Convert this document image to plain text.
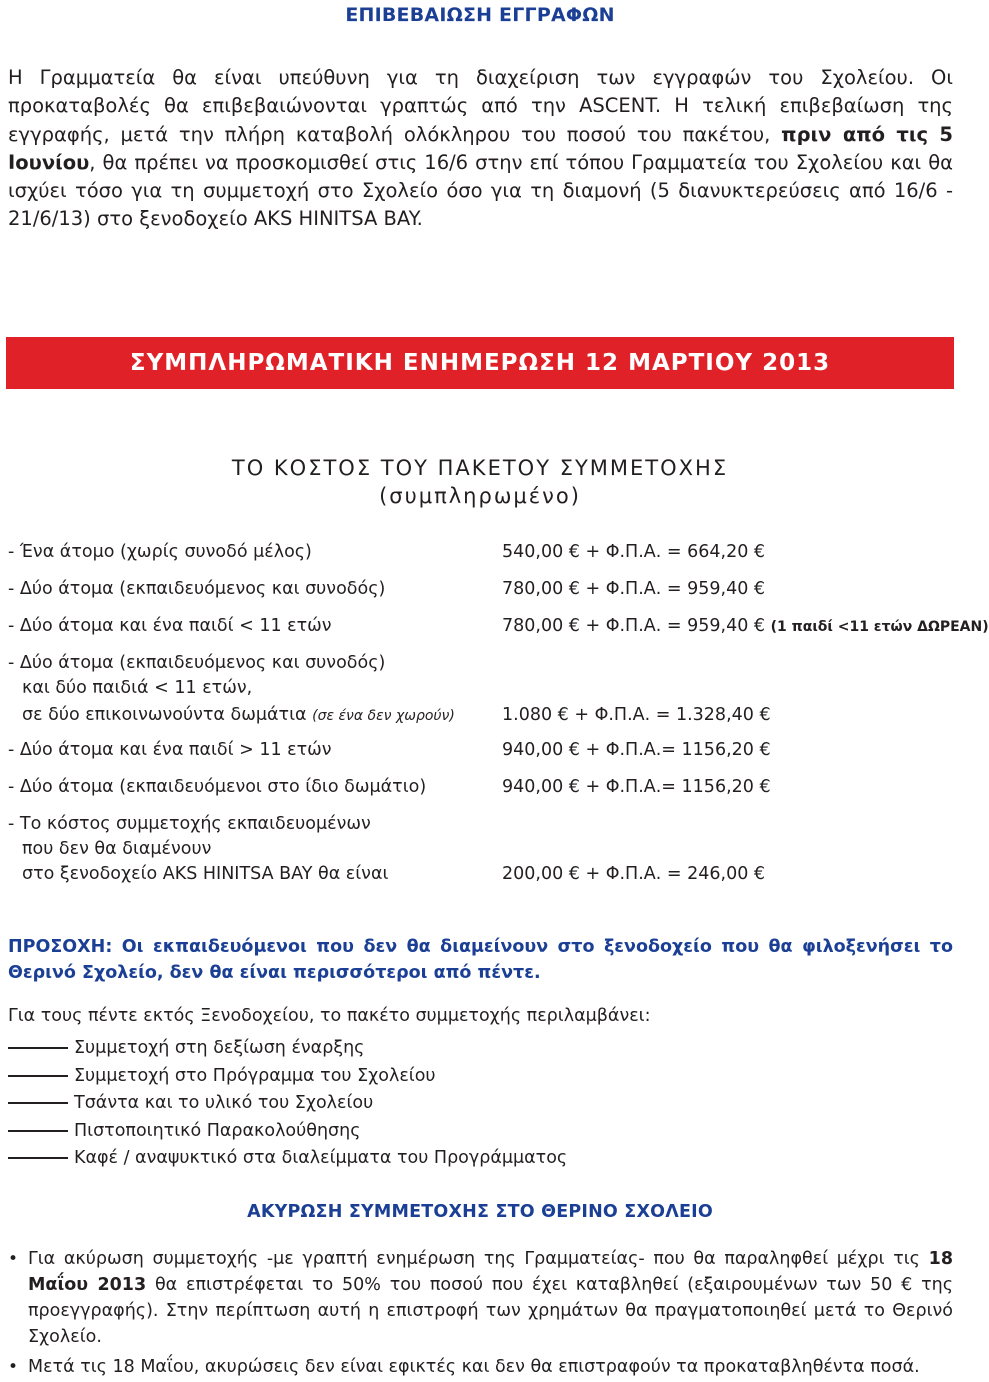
ΕΠΙΒΕΒΑΙΩΣΗ ΕΓΓΡΑΦΩΝ

Η Γραμματεία θα είναι υπεύθυνη για τη διαχείριση των εγγραφών του Σχολείου. Οι προκαταβολές θα επιβεβαιώνονται γραπτώς από την ASCENT. Η τελική επιβεβαίωση της εγγραφής, μετά την πλήρη καταβολή ολόκληρου του ποσού του πακέτου, πριν από τις 5 Ιουνίου, θα πρέπει να προσκομισθεί στις 16/6 στην επί τόπου Γραμματεία του Σχολείου και θα ισχύει τόσο για τη συμμετοχή στο Σχολείο όσο για τη διαμονή (5 διανυκτερεύσεις από 16/6 - 21/6/13) στο ξενοδοχείο AKS HINITSA BAY.

ΣΥΜΠΛΗΡΩΜΑΤΙΚΗ ΕΝΗΜΕΡΩΣΗ 12 ΜΑΡΤΙΟΥ 2013
ΤΟ ΚΟΣΤΟΣ ΤΟΥ ΠΑΚΕΤΟΥ ΣΥΜΜΕΤΟΧΗΣ
(συμπληρωμένο)
- Ένα άτομο (χωρίς συνοδό μέλος)	540,00 € + Φ.Π.Α. = 664,20 €
- Δύο άτομα (εκπαιδευόμενος και συνοδός)	780,00 € + Φ.Π.Α. = 959,40 €
- Δύο άτομα και ένα παιδί < 11 ετών	780,00 € + Φ.Π.Α. = 959,40 € (1 παιδί <11 ετών ΔΩΡΕΑΝ)
- Δύο άτομα (εκπαιδευόμενος και συνοδός)
και δύο παιδιά < 11 ετών,
σε δύο επικοινωνούντα δωμάτια (σε ένα δεν χωρούν)	1.080 € + Φ.Π.Α. = 1.328,40 €
- Δύο άτομα και ένα παιδί > 11 ετών	940,00 € + Φ.Π.Α.= 1156,20 €
- Δύο άτομα (εκπαιδευόμενοι στο ίδιο δωμάτιο)	940,00 € + Φ.Π.Α.= 1156,20 €
- Το κόστος συμμετοχής εκπαιδευομένων
που δεν θα διαμένουν
στο ξενοδοχείο AKS HINITSA BAY θα είναι	200,00 € + Φ.Π.Α. = 246,00 €

ΠΡΟΣΟΧΗ: Οι εκπαιδευόμενοι που δεν θα διαμείνουν στο ξενοδοχείο που θα φιλοξενήσει το Θερινό Σχολείο, δεν θα είναι περισσότεροι από πέντε.

Για τους πέντε εκτός Ξενοδοχείου, το πακέτο συμμετοχής περιλαμβάνει:
Συμμετοχή στη δεξίωση έναρξης
Συμμετοχή στο Πρόγραμμα του Σχολείου
Τσάντα και το υλικό του Σχολείου
Πιστοποιητικό Παρακολούθησης
Καφέ / αναψυκτικό στα διαλείμματα του Προγράμματος
ΑΚΥΡΩΣΗ ΣΥΜΜΕΤΟΧΗΣ ΣΤΟ ΘΕΡΙΝΟ ΣΧΟΛΕΙΟ
• Για ακύρωση συμμετοχής -με γραπτή ενημέρωση της Γραμματείας- που θα παραληφθεί μέχρι τις 18 Μαΐου 2013 θα επιστρέφεται το 50% του ποσού που έχει καταβληθεί (εξαιρουμένων των 50 € της προεγγραφής). Στην περίπτωση αυτή η επιστροφή των χρημάτων θα πραγματοποιηθεί μετά το Θερινό Σχολείο.

• Μετά τις 18 Μαΐου, ακυρώσεις δεν είναι εφικτές και δεν θα επιστραφούν τα προκαταβληθέντα ποσά.
